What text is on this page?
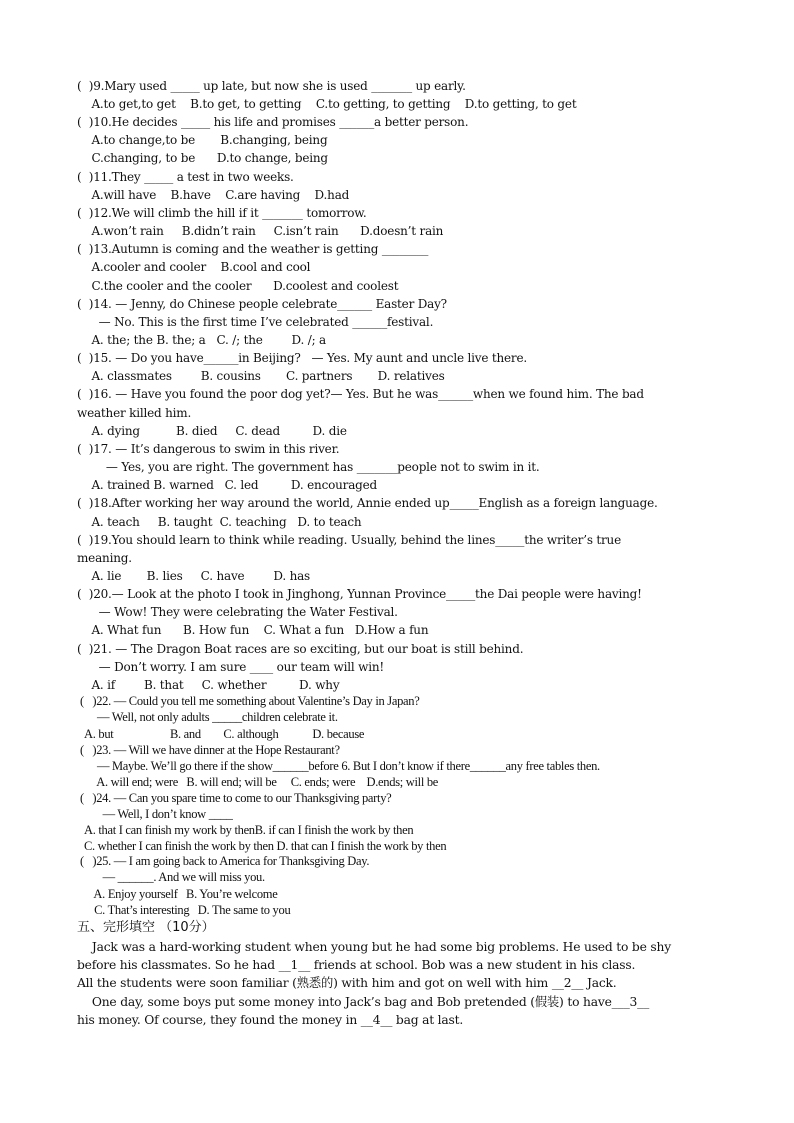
(  )9.Mary used _____ up late, but now she is used _______ up early.
A.to get,to get    B.to get, to getting    C.to getting, to getting    D.to getting, to get
(  )10.He decides _____ his life and promises ______a better person.
A.to change,to be       B.changing, being
C.changing, to be      D.to change, being
(  )11.They _____ a test in two weeks.
A.will have    B.have    C.are having    D.had
(  )12.We will climb the hill if it _______ tomorrow.
A.won’t rain     B.didn’t rain     C.isn’t rain      D.doesn’t rain
(  )13.Autumn is coming and the weather is getting ________
A.cooler and cooler    B.cool and cool
C.the cooler and the cooler      D.coolest and coolest
(  )14. — Jenny, do Chinese people celebrate______ Easter Day?
— No. This is the first time I’ve celebrated ______festival.
A. the; the B. the; a   C. /; the        D. /; a
(  )15. — Do you have______in Beijing?   — Yes. My aunt and uncle live there.
A. classmates        B. cousins       C. partners       D. relatives
(  )16. — Have you found the poor dog yet?— Yes. But he was______when we found him. The bad
weather killed him.
A. dying          B. died     C. dead         D. die
(  )17. — It’s dangerous to swim in this river.
— Yes, you are right. The government has _______people not to swim in it.
A. trained B. warned   C. led         D. encouraged
(  )18.After working her way around the world, Annie ended up_____English as a foreign language.
A. teach     B. taught  C. teaching   D. to teach
(  )19.You should learn to think while reading. Usually, behind the lines_____the writer’s true
meaning.
A. lie       B. lies     C. have        D. has
(  )20.— Look at the photo I took in Jinghong, Yunnan Province_____the Dai people were having!
— Wow! They were celebrating the Water Festival.
A. What fun      B. How fun    C. What a fun   D.How a fun
(  )21. — The Dragon Boat races are so exciting, but our boat is still behind.
— Don’t worry. I am sure ____ our team will win!
A. if        B. that     C. whether         D. why
(   )22. — Could you tell me something about Valentine’s Day in Japan?
— Well, not only adults _____children celebrate it.
A. but                    B. and        C. although            D. because
(   )23. — Will we have dinner at the Hope Restaurant?
— Maybe. We’ll go there if the show______before 6. But I don’t know if there______any free tables then.
A. will end; were   B. will end; will be     C. ends; were    D.ends; will be
(   )24. — Can you spare time to come to our Thanksgiving party?
— Well, I don’t know ____
A. that I can finish my work by thenB. if can I finish the work by then
C. whether I can finish the work by then D. that can I finish the work by then
(   )25. — I am going back to America for Thanksgiving Day.
— ______. And we will miss you.
A. Enjoy yourself   B. You’re welcome
C. That’s interesting   D. The same to you
五、完形填空 （10分）
Jack was a hard-working student when young but he had some big problems. He used to be shy
before his classmates. So he had __1__ friends at school. Bob was a new student in his class.
All the students were soon familiar (熟悉的) with him and got on well with him __2__ Jack.
One day, some boys put some money into Jack’s bag and Bob pretended (假装) to have___3__
his money. Of course, they found the money in __4__ bag at last.
